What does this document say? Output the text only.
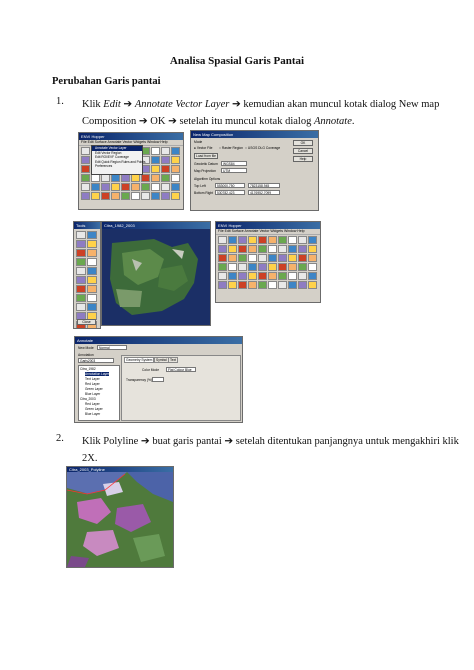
Analisa Spasial Garis Pantai
Perubahan Garis pantai
1. Klik Edit ➔ Annotate Vector Layer ➔ kemudian akan muncul kotak dialog New map
Composition ➔ OK ➔ setelah itu muncul kotak dialog Annotate.
ENVI Hopper
File Edit Surface Annotate Vector Widgets Window Help
Annotate Vector Layer
Edit Vector Region
Edit ROI/EVF Coverage
Edit Quick Region Rules and Points
Preferences
New Map Composition
Mode
● Vector File ○ Raster Region ○ USGS DLG Coverage
Load from file
Geodetic Datum	WGS84
Map Projection	UTM
Algorithm Options
Top Left	553000.750	7823158.945
Bottom Right	530782.423	4176952.7099
OK
Cancel
Help
Tools
Close
Citra_1982_2003	ENVI Hopper
File Edit Surface Annotate Vector Widgets Window Help
Annotate
New Mode	Normal
Annotation
Garis2003
Citra_1982
Annotation Layer
Text Layer
Red Layer
Green Layer
Blue Layer
Citra_2003
Red Layer
Green Layer
Blue Layer
Geometry System	Symbol Text
Color Mode	Flat Colour Blue
Transparency (%)
2. Klik Polyline ➔ buat garis pantai ➔ setelah ditentukan panjangnya untuk mengakhiri klik
2X.
Citra_2003_Polyline
